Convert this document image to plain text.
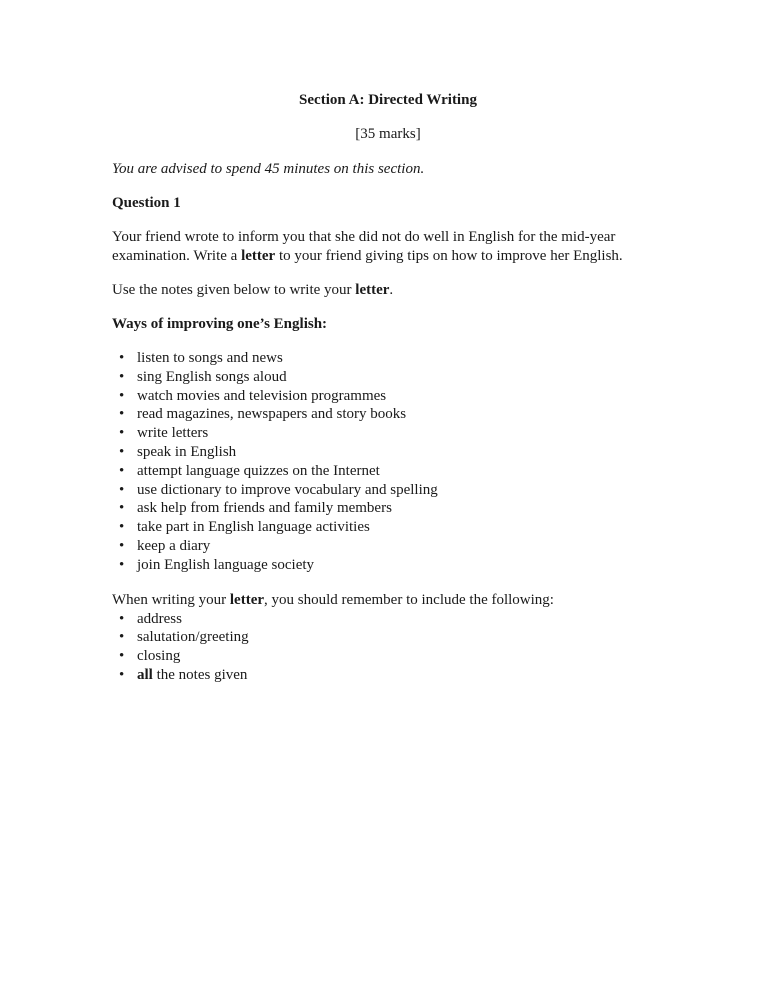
Section A: Directed Writing

[35 marks]

You are advised to spend 45 minutes on this section.

Question 1

Your friend wrote to inform you that she did not do well in English for the mid-year examination. Write a letter to your friend giving tips on how to improve her English.

Use the notes given below to write your letter.

Ways of improving one’s English:

• listen to songs and news
• sing English songs aloud
• watch movies and television programmes
• read magazines, newspapers and story books
• write letters
• speak in English
• attempt language quizzes on the Internet
• use dictionary to improve vocabulary and spelling
• ask help from friends and family members
• take part in English language activities
• keep a diary
• join English language society

When writing your letter, you should remember to include the following:

• address
• salutation/greeting
• closing
• all the notes given
